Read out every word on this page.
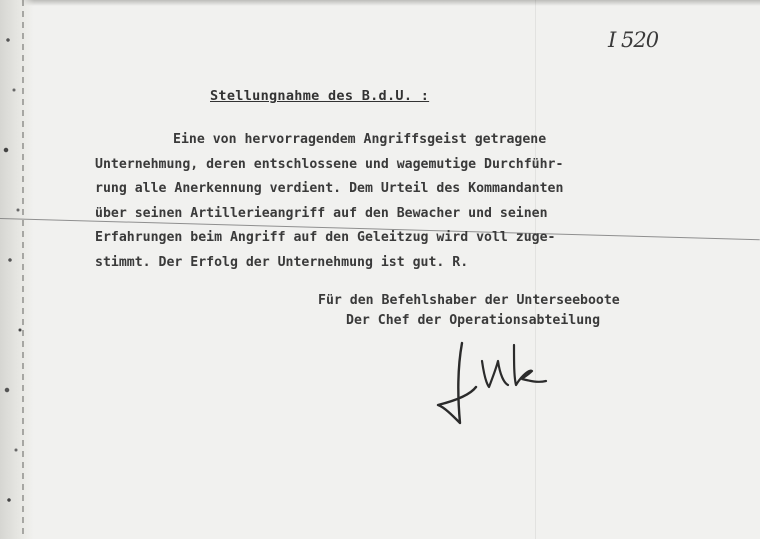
I 520
Stellungnahme des B.d.U. :
Eine von hervorragendem Angriffsgeist getragene
Unternehmung, deren entschlossene und wagemutige Durchführ-
rung alle Anerkennung verdient. Dem Urteil des Kommandanten
über seinen Artillerieangriff auf den Bewacher und seinen
Erfahrungen beim Angriff auf den Geleitzug wird voll zuge-
stimmt. Der Erfolg der Unternehmung ist gut. R.
Für den Befehlshaber der Unterseeboote
Der Chef der Operationsabteilung
